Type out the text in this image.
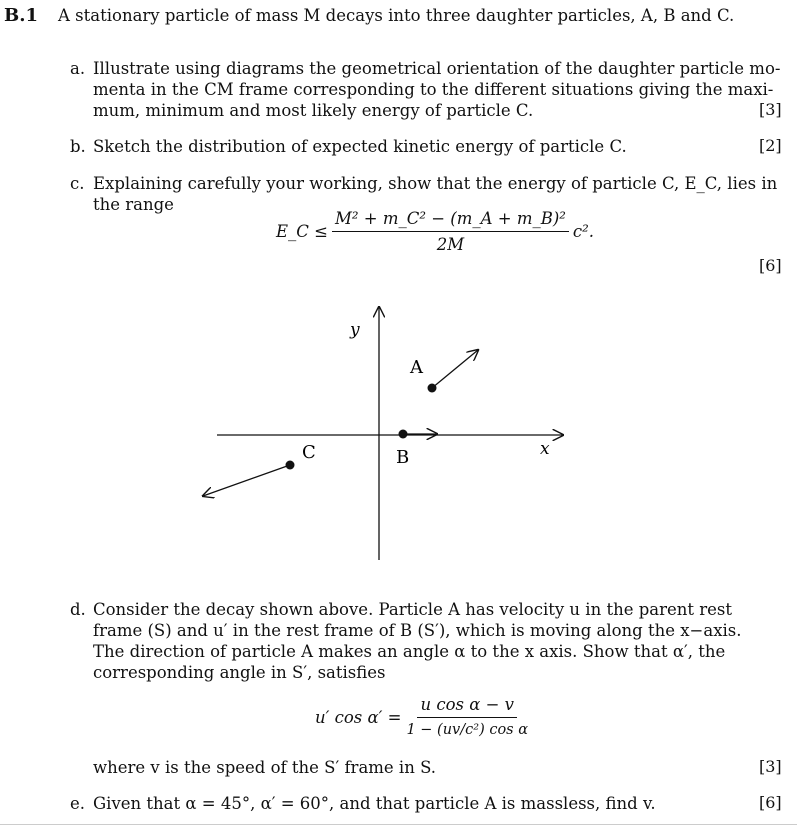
B.1 A stationary particle of mass M decays into three daughter particles, A, B and C.
a. Illustrate using diagrams the geometrical orientation of the daughter particle mo-
menta in the CM frame corresponding to the different situations giving the maxi-
mum, minimum and most likely energy of particle C.	[3]
b. Sketch the distribution of expected kinetic energy of particle C.	[2]
c. Explaining carefully your working, show that the energy of particle C, E_C, lies in
the range
E_C ≤ $\frac{\text{M² + m\_C² − (m\_A + m\_B)²}}{2M} c^2$.
[6]
x
y
A
B
C
d. Consider the decay shown above. Particle A has velocity u in the parent rest
frame (S) and u′ in the rest frame of B (S′), which is moving along the x−axis.
The direction of particle A makes an angle α to the x axis. Show that α′, the
corresponding angle in S′, satisfies
u′ $\cos \alpha' = \frac{\text{u cos α − v}}{\text{1 − (uv/c²) cos α}}$
where v is the speed of the S′ frame in S.	[3]
e. Given that α = 45°, α′ = 60°, and that particle A is massless, find v.	[6]
